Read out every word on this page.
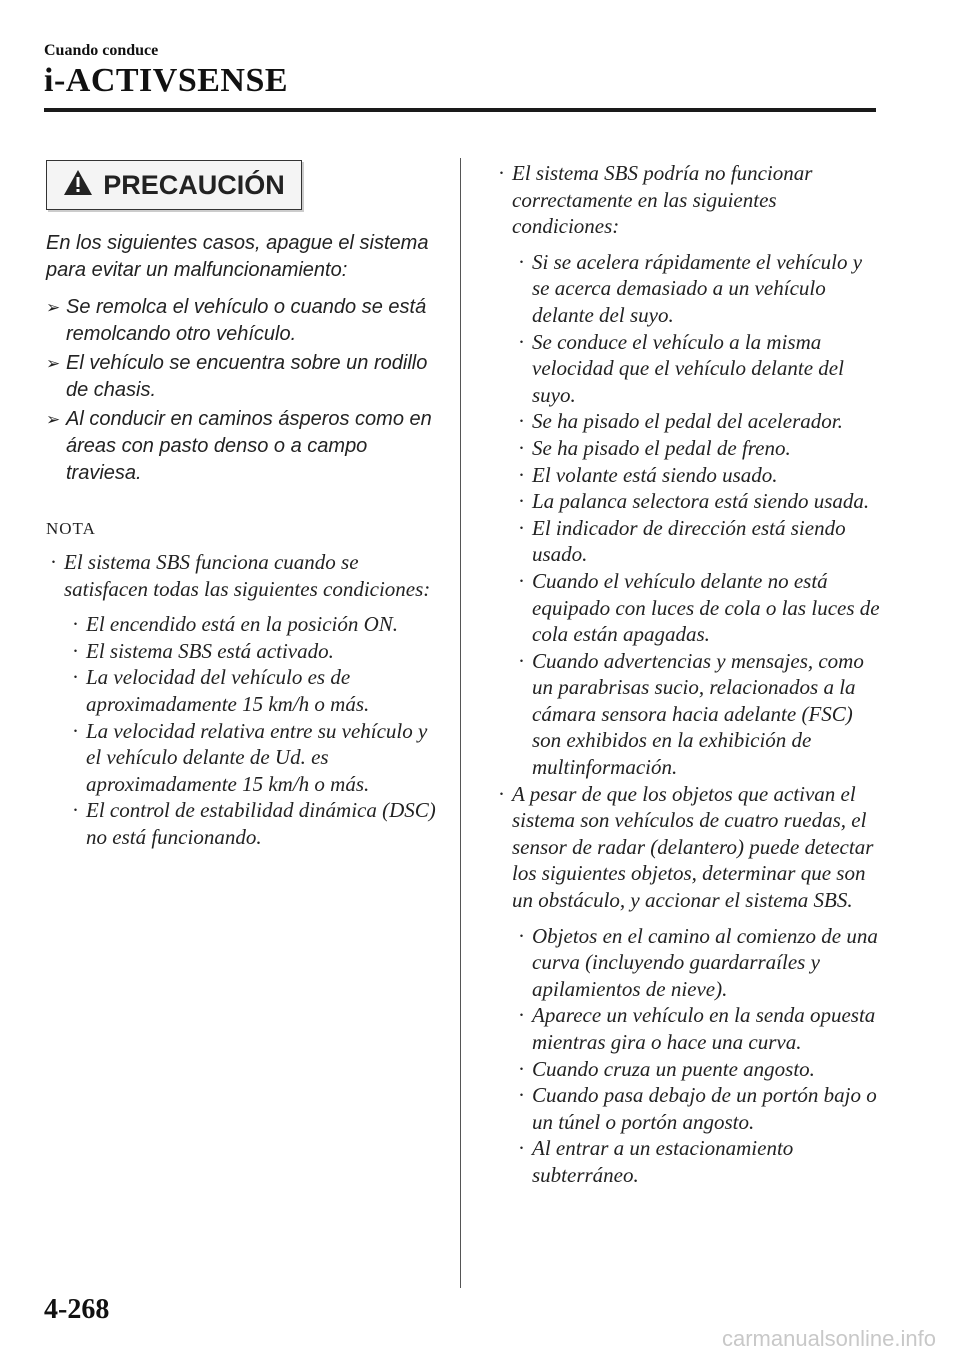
Cuando conduce
i-ACTIVSENSE
PRECAUCIÓN
En los siguientes casos, apague el sistema para evitar un malfuncionamiento:
➢ Se remolca el vehículo o cuando se está remolcando otro vehículo.
➢ El vehículo se encuentra sobre un rodillo de chasis.
➢ Al conducir en caminos ásperos como en áreas con pasto denso o a campo traviesa.
NOTA
· El sistema SBS funciona cuando se satisfacen todas las siguientes condiciones:
· El encendido está en la posición ON.
· El sistema SBS está activado.
· La velocidad del vehículo es de aproximadamente 15 km/h o más.
· La velocidad relativa entre su vehículo y el vehículo delante de Ud. es aproximadamente 15 km/h o más.
· El control de estabilidad dinámica (DSC) no está funcionando.
· El sistema SBS podría no funcionar correctamente en las siguientes condiciones:
· Si se acelera rápidamente el vehículo y se acerca demasiado a un vehículo delante del suyo.
· Se conduce el vehículo a la misma velocidad que el vehículo delante del suyo.
· Se ha pisado el pedal del acelerador.
· Se ha pisado el pedal de freno.
· El volante está siendo usado.
· La palanca selectora está siendo usada.
· El indicador de dirección está siendo usado.
· Cuando el vehículo delante no está equipado con luces de cola o las luces de cola están apagadas.
· Cuando advertencias y mensajes, como un parabrisas sucio, relacionados a la cámara sensora hacia adelante (FSC) son exhibidos en la exhibición de multinformación.
· A pesar de que los objetos que activan el sistema son vehículos de cuatro ruedas, el sensor de radar (delantero) puede detectar los siguientes objetos, determinar que son un obstáculo, y accionar el sistema SBS.
· Objetos en el camino al comienzo de una curva (incluyendo guardarraíles y apilamientos de nieve).
· Aparece un vehículo en la senda opuesta mientras gira o hace una curva.
· Cuando cruza un puente angosto.
· Cuando pasa debajo de un portón bajo o un túnel o portón angosto.
· Al entrar a un estacionamiento subterráneo.
4-268
carmanualsonline.info
